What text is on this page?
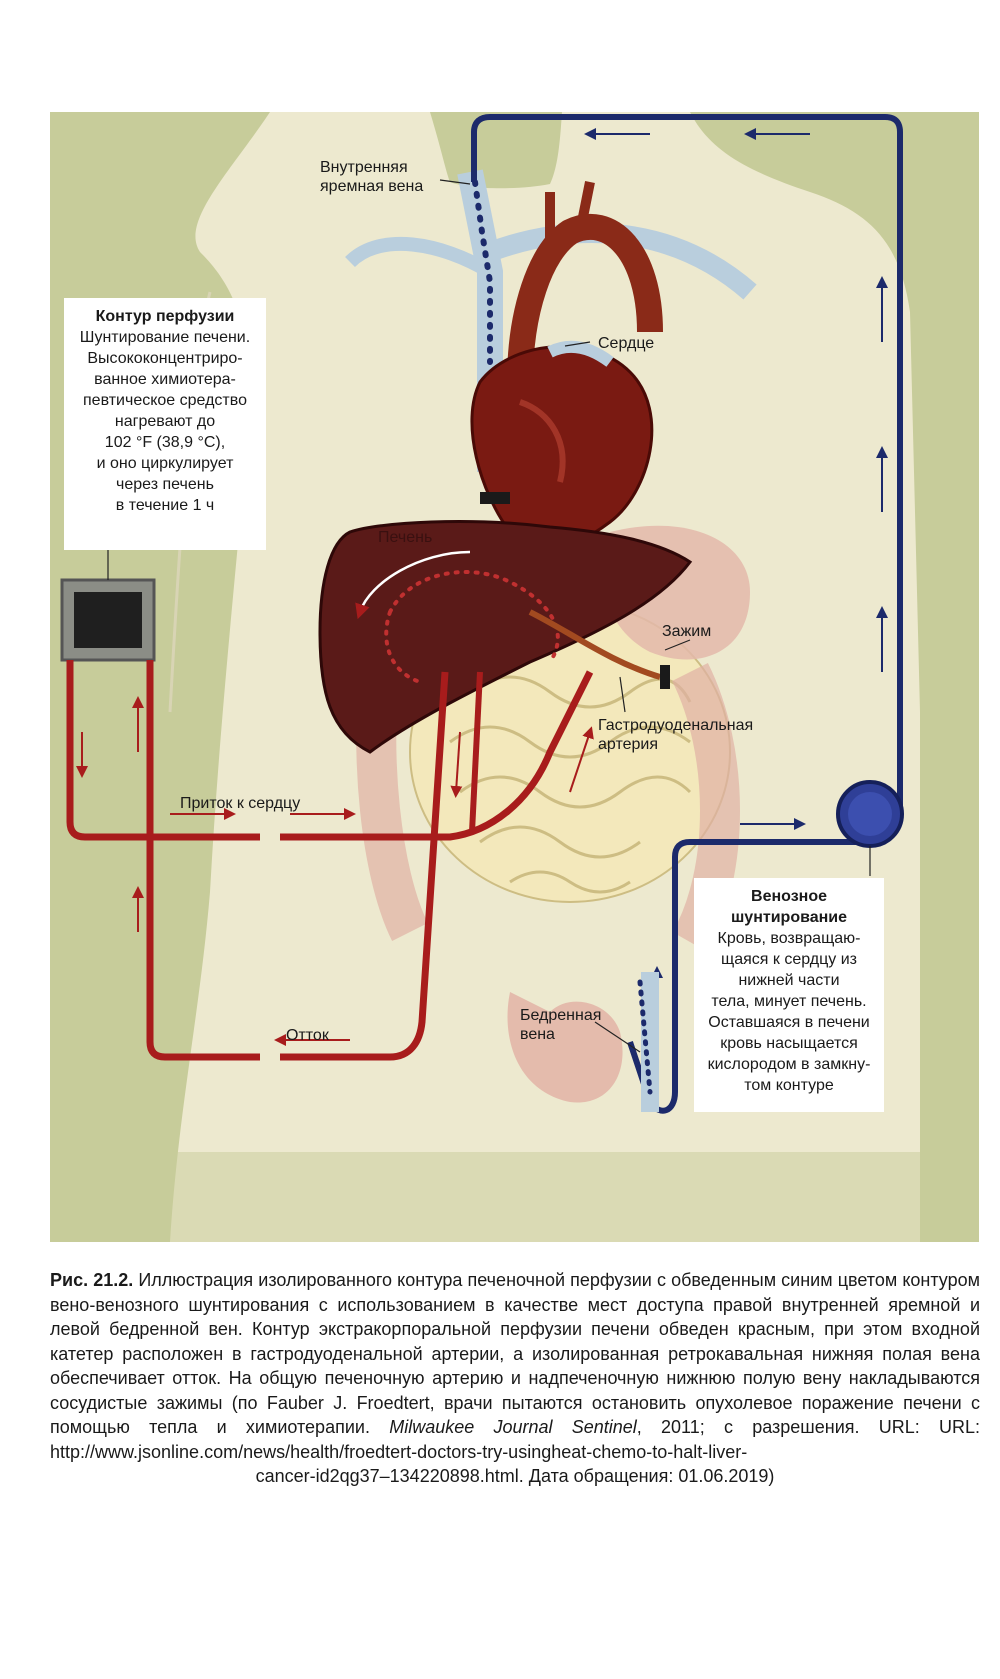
Внутренняя
яремная вена
Сердце
Печень
Зажим
Гастродуоденальная
артерия
Приток к сердцу
Отток
Бедренная
вена
Контур перфузии
Шунтирование печени.
Высококонцентриро-
ванное химиотера-
певтическое средство
нагревают до
102 °F (38,9 °C),
и оно циркулирует
через печень
в течение 1 ч
Венозное шунтирование
Кровь, возвращаю-
щаяся к сердцу из
нижней части
тела, минует печень.
Оставшаяся в печени
кровь насыщается
кислородом в замкну-
том контуре
Рис. 21.2. Иллюстрация изолированного контура печеночной перфузии с обведенным синим цветом контуром вено-венозного шунтирования с использованием в качестве мест доступа правой внутренней яремной и левой бедренной вен. Контур экстракорпоральной перфузии печени обведен красным, при этом входной катетер расположен в гастродуоденальной артерии, а изолированная ретрокавальная нижняя полая вена обеспечивает отток. На общую печеночную артерию и надпеченочную нижнюю полую вену накладываются сосудистые зажимы (по Fauber J. Froedtert, врачи пытаются остановить опухолевое поражение печени с помощью тепла и химиотерапии. Milwaukee Journal Sentinel, 2011; с разрешения. URL: URL: http://www.jsonline.com/news/health/froedtert-doctors-try-usingheat-chemo-to-halt-liver-
cancer-id2qg37–134220898.html. Дата обращения: 01.06.2019)
